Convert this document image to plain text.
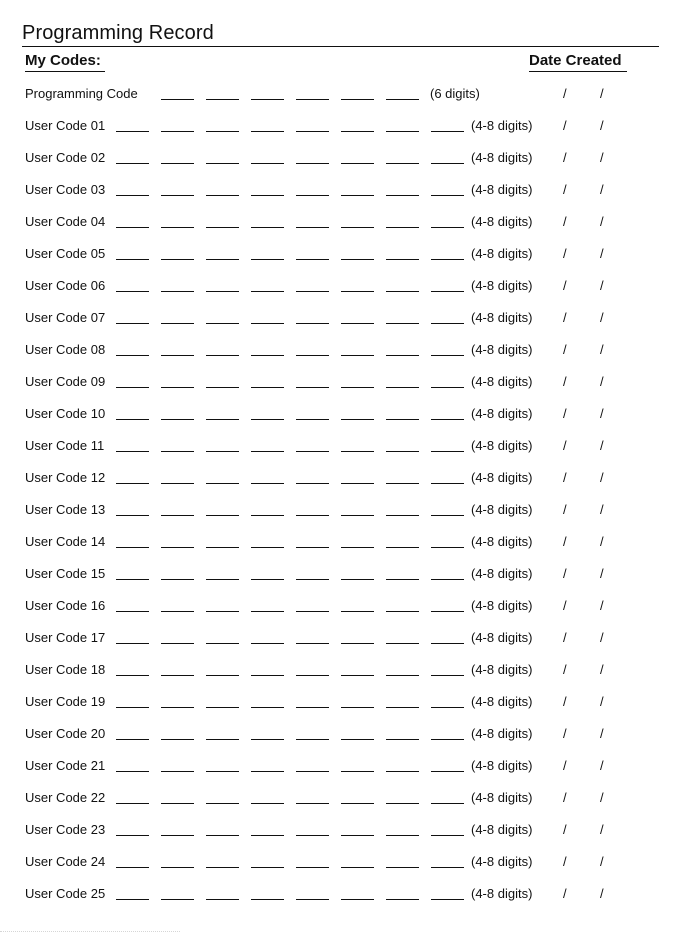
Programming Record
My Codes:	Date Created
Programming Code	(6 digits)	/	/
User Code 01	(4-8 digits) /	/
User Code 02	(4-8 digits) /	/
User Code 03	(4-8 digits) /	/
User Code 04	(4-8 digits) /	/
User Code 05	(4-8 digits) /	/
User Code 06	(4-8 digits) /	/
User Code 07	(4-8 digits) /	/
User Code 08	(4-8 digits) /	/
User Code 09	(4-8 digits) /	/
User Code 10	(4-8 digits) /	/
User Code 11	(4-8 digits) /	/
User Code 12	(4-8 digits) /	/
User Code 13	(4-8 digits) /	/
User Code 14	(4-8 digits) /	/
User Code 15	(4-8 digits) /	/
User Code 16	(4-8 digits) /	/
User Code 17	(4-8 digits) /	/
User Code 18	(4-8 digits) /	/
User Code 19	(4-8 digits) /	/
User Code 20	(4-8 digits) /	/
User Code 21	(4-8 digits) /	/
User Code 22	(4-8 digits) /	/
User Code 23	(4-8 digits) /	/
User Code 24	(4-8 digits) /	/
User Code 25	(4-8 digits) /	/
